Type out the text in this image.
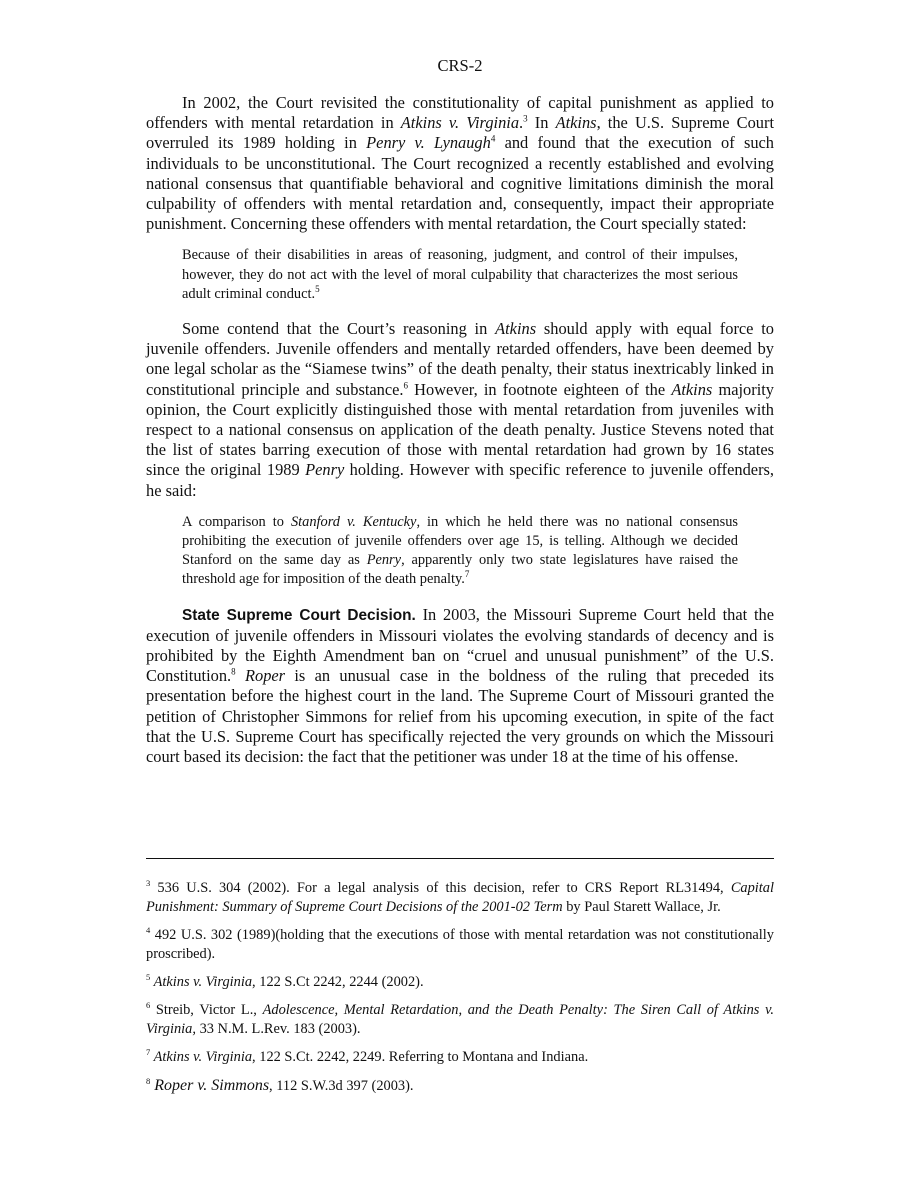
CRS-2

In 2002, the Court revisited the constitutionality of capital punishment as applied to offenders with mental retardation in Atkins v. Virginia.$^3$ In Atkins, the U.S. Supreme Court overruled its 1989 holding in Penry v. Lynaugh$^4$ and found that the execution of such individuals to be unconstitutional. The Court recognized a recently established and evolving national consensus that quantifiable behavioral and cognitive limitations diminish the moral culpability of offenders with mental retardation and, consequently, impact their appropriate punishment. Concerning these offenders with mental retardation, the Court specially stated:

Because of their disabilities in areas of reasoning, judgment, and control of their impulses, however, they do not act with the level of moral culpability that characterizes the most serious adult criminal conduct.$^5$

Some contend that the Court’s reasoning in Atkins should apply with equal force to juvenile offenders. Juvenile offenders and mentally retarded offenders, have been deemed by one legal scholar as the “Siamese twins” of the death penalty, their status inextricably linked in constitutional principle and substance.$^6$ However, in footnote eighteen of the Atkins majority opinion, the Court explicitly distinguished those with mental retardation from juveniles with respect to a national consensus on application of the death penalty. Justice Stevens noted that the list of states barring execution of those with mental retardation had grown by 16 states since the original 1989 Penry holding. However with specific reference to juvenile offenders, he said:

A comparison to Stanford v. Kentucky, in which he held there was no national consensus prohibiting the execution of juvenile offenders over age 15, is telling. Although we decided Stanford on the same day as Penry, apparently only two state legislatures have raised the threshold age for imposition of the death penalty.$^7$

State Supreme Court Decision. In 2003, the Missouri Supreme Court held that the execution of juvenile offenders in Missouri violates the evolving standards of decency and is prohibited by the Eighth Amendment ban on “cruel and unusual punishment” of the U.S. Constitution.$^8$ Roper is an unusual case in the boldness of the ruling that preceded its presentation before the highest court in the land. The Supreme Court of Missouri granted the petition of Christopher Simmons for relief from his upcoming execution, in spite of the fact that the U.S. Supreme Court has specifically rejected the very grounds on which the Missouri court based its decision: the fact that the petitioner was under 18 at the time of his offense.

$^3$ 536 U.S. 304 (2002). For a legal analysis of this decision, refer to CRS Report RL31494, Capital Punishment: Summary of Supreme Court Decisions of the 2001-02 Term by Paul Starett Wallace, Jr.

$^4$ 492 U.S. 302 (1989)(holding that the executions of those with mental retardation was not constitutionally proscribed).

$^5$ Atkins v. Virginia, 122 S.Ct 2242, 2244 (2002).

$^6$ Streib, Victor L., Adolescence, Mental Retardation, and the Death Penalty: The Siren Call of Atkins v. Virginia, 33 N.M. L.Rev. 183 (2003).

$^7$ Atkins v. Virginia, 122 S.Ct. 2242, 2249. Referring to Montana and Indiana.

$^8$ Roper v. Simmons, 112 S.W.3d 397 (2003).
